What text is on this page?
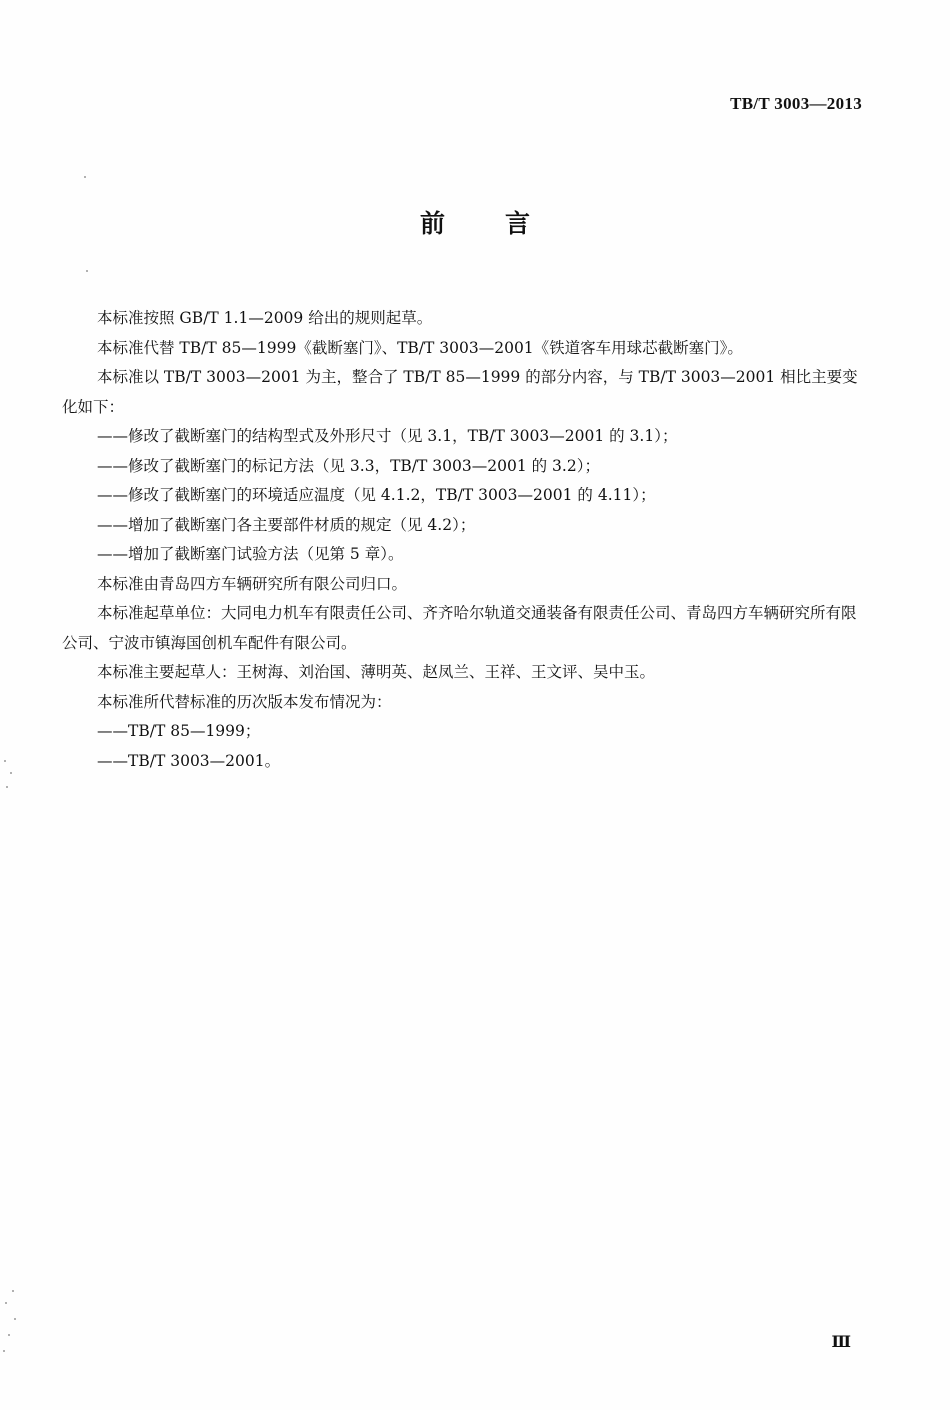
TB/T 3003—2013
前 言

本标准按照 GB/T 1.1—2009 给出的规则起草。

本标准代替 TB/T 85—1999《截断塞门》、TB/T 3003—2001《铁道客车用球芯截断塞门》。

本标准以 TB/T 3003—2001 为主，整合了 TB/T 85—1999 的部分内容，与 TB/T 3003—2001 相比主要变化如下：

——修改了截断塞门的结构型式及外形尺寸（见 3.1，TB/T 3003—2001 的 3.1）；

——修改了截断塞门的标记方法（见 3.3，TB/T 3003—2001 的 3.2）；

——修改了截断塞门的环境适应温度（见 4.1.2，TB/T 3003—2001 的 4.11）；

——增加了截断塞门各主要部件材质的规定（见 4.2）；

——增加了截断塞门试验方法（见第 5 章）。

本标准由青岛四方车辆研究所有限公司归口。

本标准起草单位：大同电力机车有限责任公司、齐齐哈尔轨道交通装备有限责任公司、青岛四方车辆研究所有限公司、宁波市镇海国创机车配件有限公司。

本标准主要起草人：王树海、刘治国、薄明英、赵凤兰、王祥、王文评、吴中玉。

本标准所代替标准的历次版本发布情况为：

——TB/T 85—1999；

——TB/T 3003—2001。

Ⅲ
